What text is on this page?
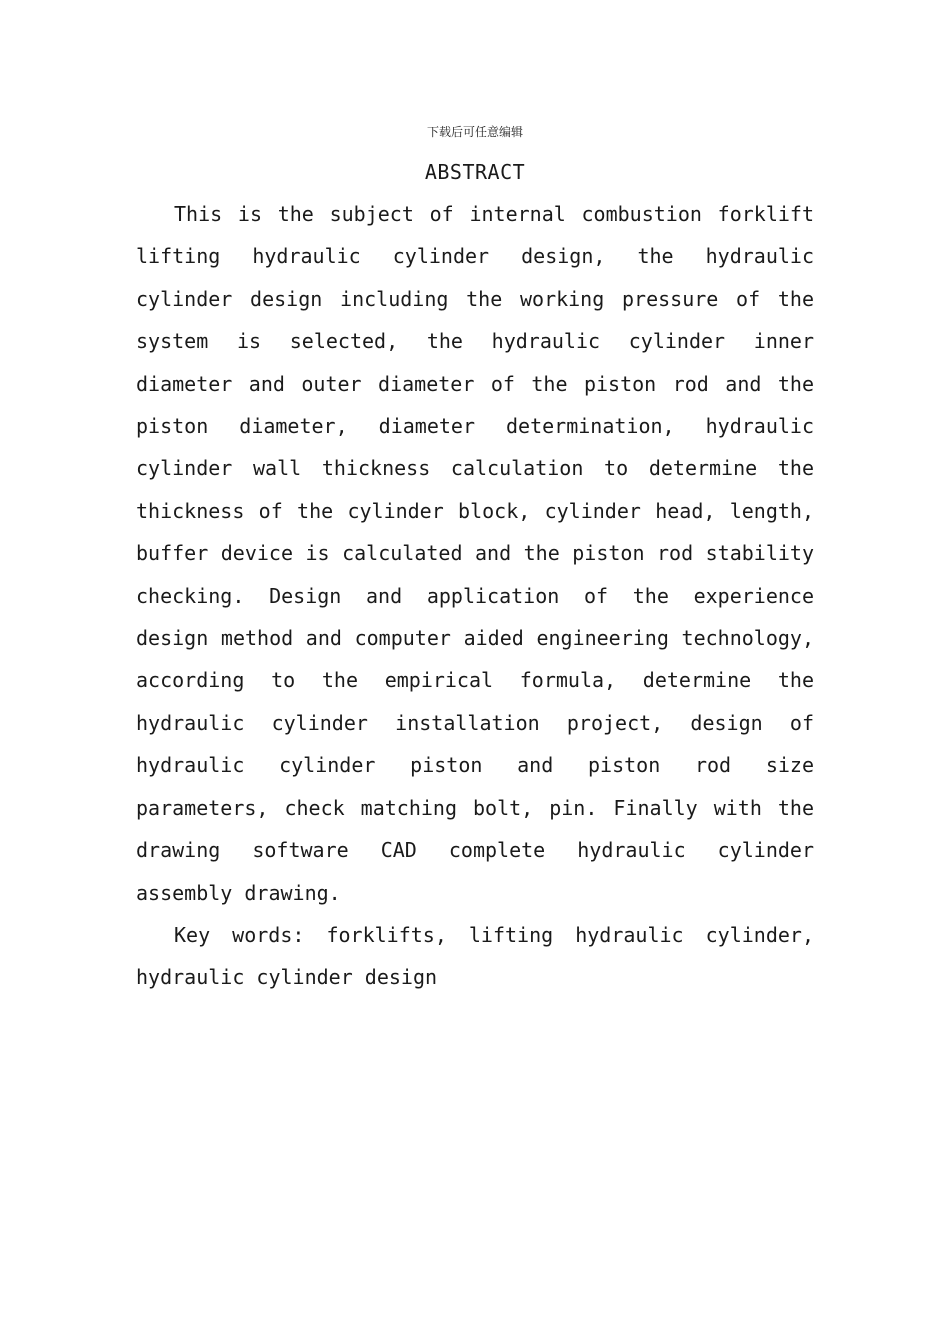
下载后可任意编辑
ABSTRACT

This is the subject of internal combustion forklift lifting hydraulic cylinder design, the hydraulic cylinder design including the working pressure of the system is selected, the hydraulic cylinder inner diameter and outer diameter of the piston rod and the piston diameter, diameter determination, hydraulic cylinder wall thickness calculation to determine the thickness of the cylinder block, cylinder head, length, buffer device is calculated and the piston rod stability checking. Design and application of the experience design method and computer aided engineering technology, according to the empirical formula, determine the hydraulic cylinder installation project, design of hydraulic cylinder piston and piston rod size parameters, check matching bolt, pin. Finally with the drawing software CAD complete hydraulic cylinder assembly drawing.

Key words: forklifts, lifting hydraulic cylinder, hydraulic cylinder design
